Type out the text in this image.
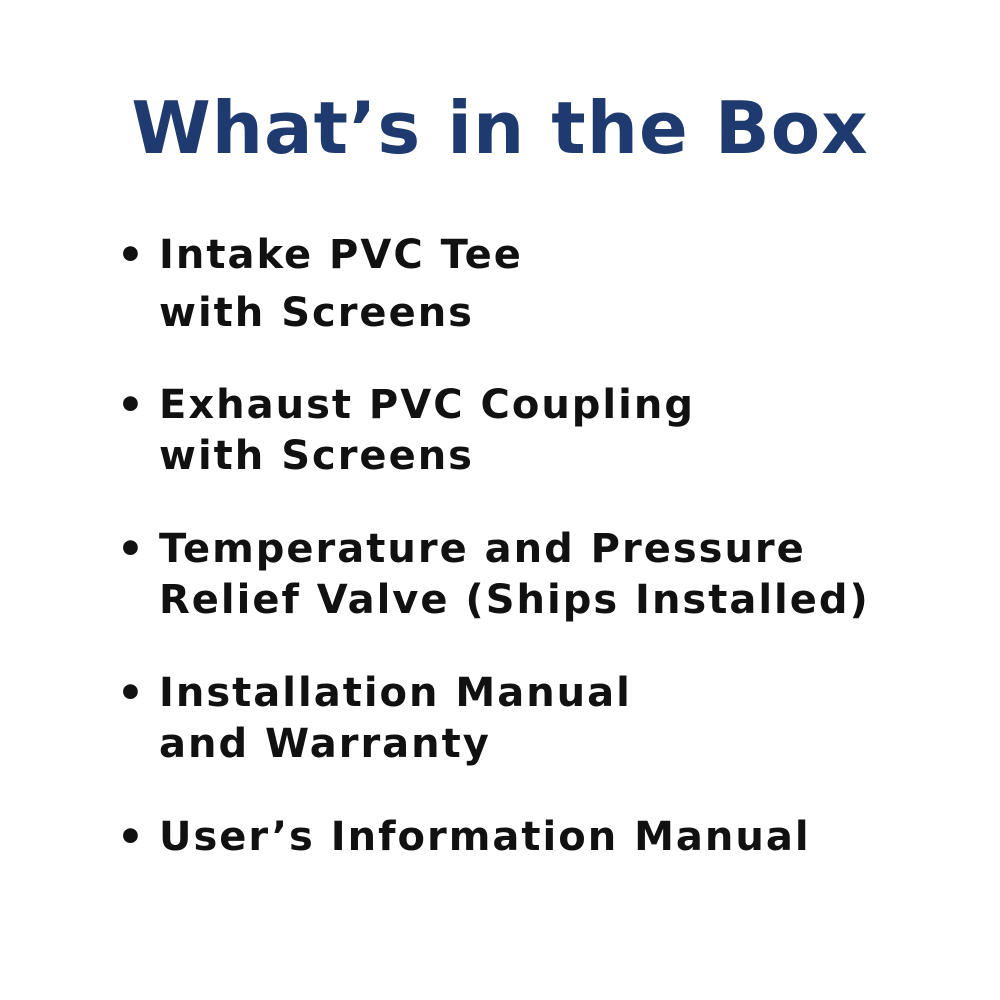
What’s in the Box
• Intake PVC Tee
with Screens
• Exhaust PVC Coupling
with Screens
• Temperature and Pressure
Relief Valve (Ships Installed)
• Installation Manual
and Warranty
• User’s Information Manual
